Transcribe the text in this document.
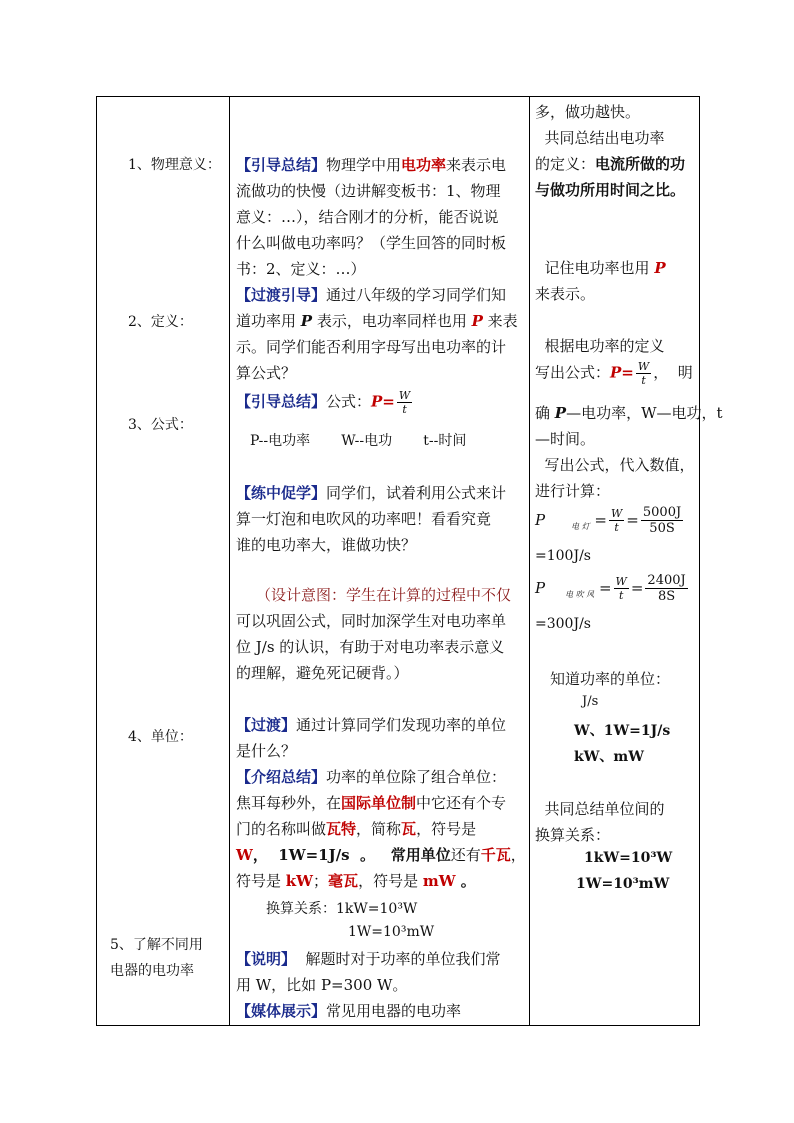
1、物理意义：
2、定义：
3、公式：
4、单位：
5、了解不同用
电器的电功率
【引导总结】物理学中用电功率来表示电
流做功的快慢（边讲解变板书：1、物理
意义：…），结合刚才的分析，能否说说
什么叫做电功率吗？（学生回答的同时板
书：2、定义：…）
【过渡引导】通过八年级的学习同学们知
道功率用 P 表示，电功率同样也用 P 来表
示。同学们能否利用字母写出电功率的计
算公式？
【引导总结】公式：$P= \frac{W}{t}$
P--电功率       W--电功       t--时间
【练中促学】同学们，试着利用公式来计
算一灯泡和电吹风的功率吧！看看究竟
谁的电功率大，谁做功快？
（设计意图：学生在计算的过程中不仅
可以巩固公式，同时加深学生对电功率单
位 J/s 的认识，有助于对电功率表示意义
的理解，避免死记硬背。）
【过渡】通过计算同学们发现功率的单位
是什么？
【介绍总结】功率的单位除了组合单位：
焦耳每秒外，在国际单位制中它还有个专
门的名称叫做瓦特，简称瓦，符号是
W，  1W=1J/s  。   常用单位还有千瓦，
符号是 kW；毫瓦，符号是 mW 。
换算关系：1kW=10³W
1W=10³mW
【说明】  解题时对于功率的单位我们常
用 W，比如 P=300 W。
【媒体展示】常见用电器的电功率
多，做功越快。
共同总结出电功率
的定义：电流所做的功
与做功所用时间之比。
记住电功率也用 P
来表示。
根据电功率的定义
写出公式：$P= \frac{W}{t}$ ，  明
确 P—电功率，W—电功，t
—时间。
写出公式，代入数值，
进行计算：
P	$_{电 灯} = \frac{W}{t} = \frac{5000J}{50S}$
=100J/s
P	$_{电 吹 风} = \frac{W}{t} = \frac{2400J}{8S}$
=300J/s
知道功率的单位：
J/s
W、1W=1J/s
kW、mW
共同总结单位间的
换算关系：
1kW=10³W
1W=10³mW
